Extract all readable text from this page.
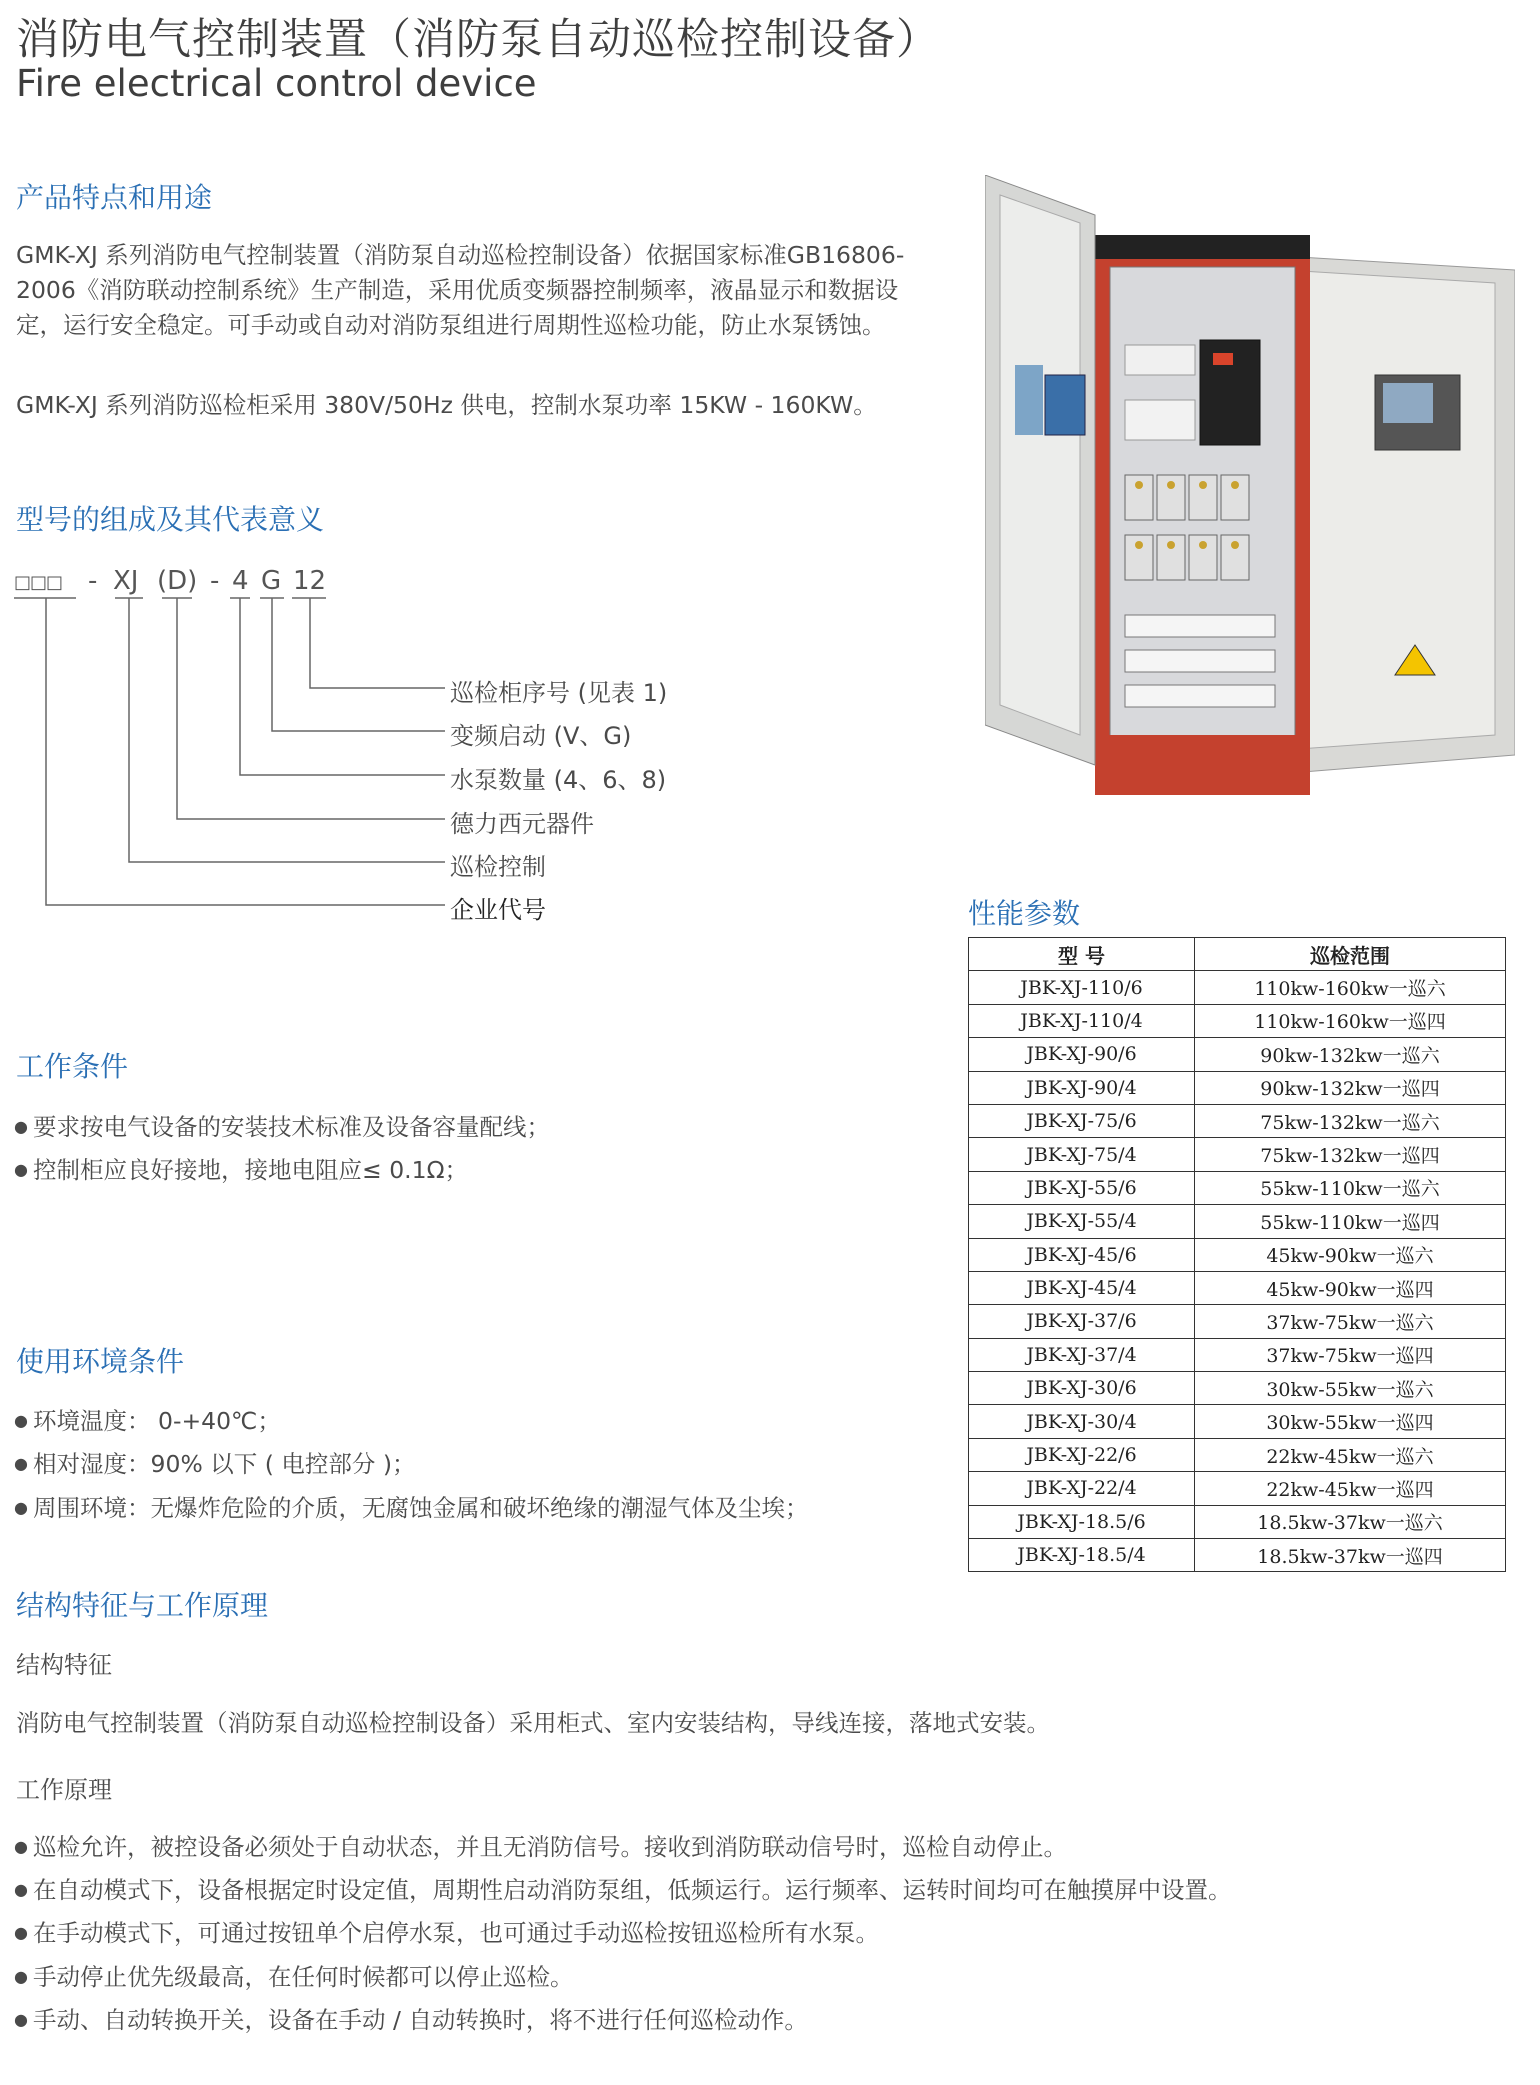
消防电气控制装置（消防泵自动巡检控制设备）
Fire electrical control device
产品特点和用途
GMK-XJ 系列消防电气控制装置（消防泵自动巡检控制设备）依据国家标准GB16806-2006《消防联动控制系统》生产制造，采用优质变频器控制频率，液晶显示和数据设定，运行安全稳定。可手动或自动对消防泵组进行周期性巡检功能，防止水泵锈蚀。
GMK-XJ 系列消防巡检柜采用 380V/50Hz 供电，控制水泵功率 15KW - 160KW。
型号的组成及其代表意义
□□□ - XJ (D) - 4 G 12
巡检柜序号 (见表 1)
变频启动 (V、G)
水泵数量 (4、6、8)
德力西元器件
巡检控制
企业代号
工作条件
● 要求按电气设备的安装技术标准及设备容量配线；
● 控制柜应良好接地，接地电阻应≤ 0.1Ω；
使用环境条件
● 环境温度： 0-+40℃；
● 相对湿度：90% 以下 ( 电控部分 )；
● 周围环境：无爆炸危险的介质，无腐蚀金属和破坏绝缘的潮湿气体及尘埃；
结构特征与工作原理
结构特征
消防电气控制装置（消防泵自动巡检控制设备）采用柜式、室内安装结构，导线连接，落地式安装。
工作原理
● 巡检允许，被控设备必须处于自动状态，并且无消防信号。接收到消防联动信号时，巡检自动停止。
● 在自动模式下，设备根据定时设定值，周期性启动消防泵组，低频运行。运行频率、运转时间均可在触摸屏中设置。
● 在手动模式下，可通过按钮单个启停水泵，也可通过手动巡检按钮巡检所有水泵。
● 手动停止优先级最高，在任何时候都可以停止巡检。
● 手动、自动转换开关，设备在手动 / 自动转换时，将不进行任何巡检动作。
性能参数
型 号	巡检范围
JBK-XJ-110/6	110kw-160kw一巡六
JBK-XJ-110/4	110kw-160kw一巡四
JBK-XJ-90/6	90kw-132kw一巡六
JBK-XJ-90/4	90kw-132kw一巡四
JBK-XJ-75/6	75kw-132kw一巡六
JBK-XJ-75/4	75kw-132kw一巡四
JBK-XJ-55/6	55kw-110kw一巡六
JBK-XJ-55/4	55kw-110kw一巡四
JBK-XJ-45/6	45kw-90kw一巡六
JBK-XJ-45/4	45kw-90kw一巡四
JBK-XJ-37/6	37kw-75kw一巡六
JBK-XJ-37/4	37kw-75kw一巡四
JBK-XJ-30/6	30kw-55kw一巡六
JBK-XJ-30/4	30kw-55kw一巡四
JBK-XJ-22/6	22kw-45kw一巡六
JBK-XJ-22/4	22kw-45kw一巡四
JBK-XJ-18.5/6	18.5kw-37kw一巡六
JBK-XJ-18.5/4	18.5kw-37kw一巡四
